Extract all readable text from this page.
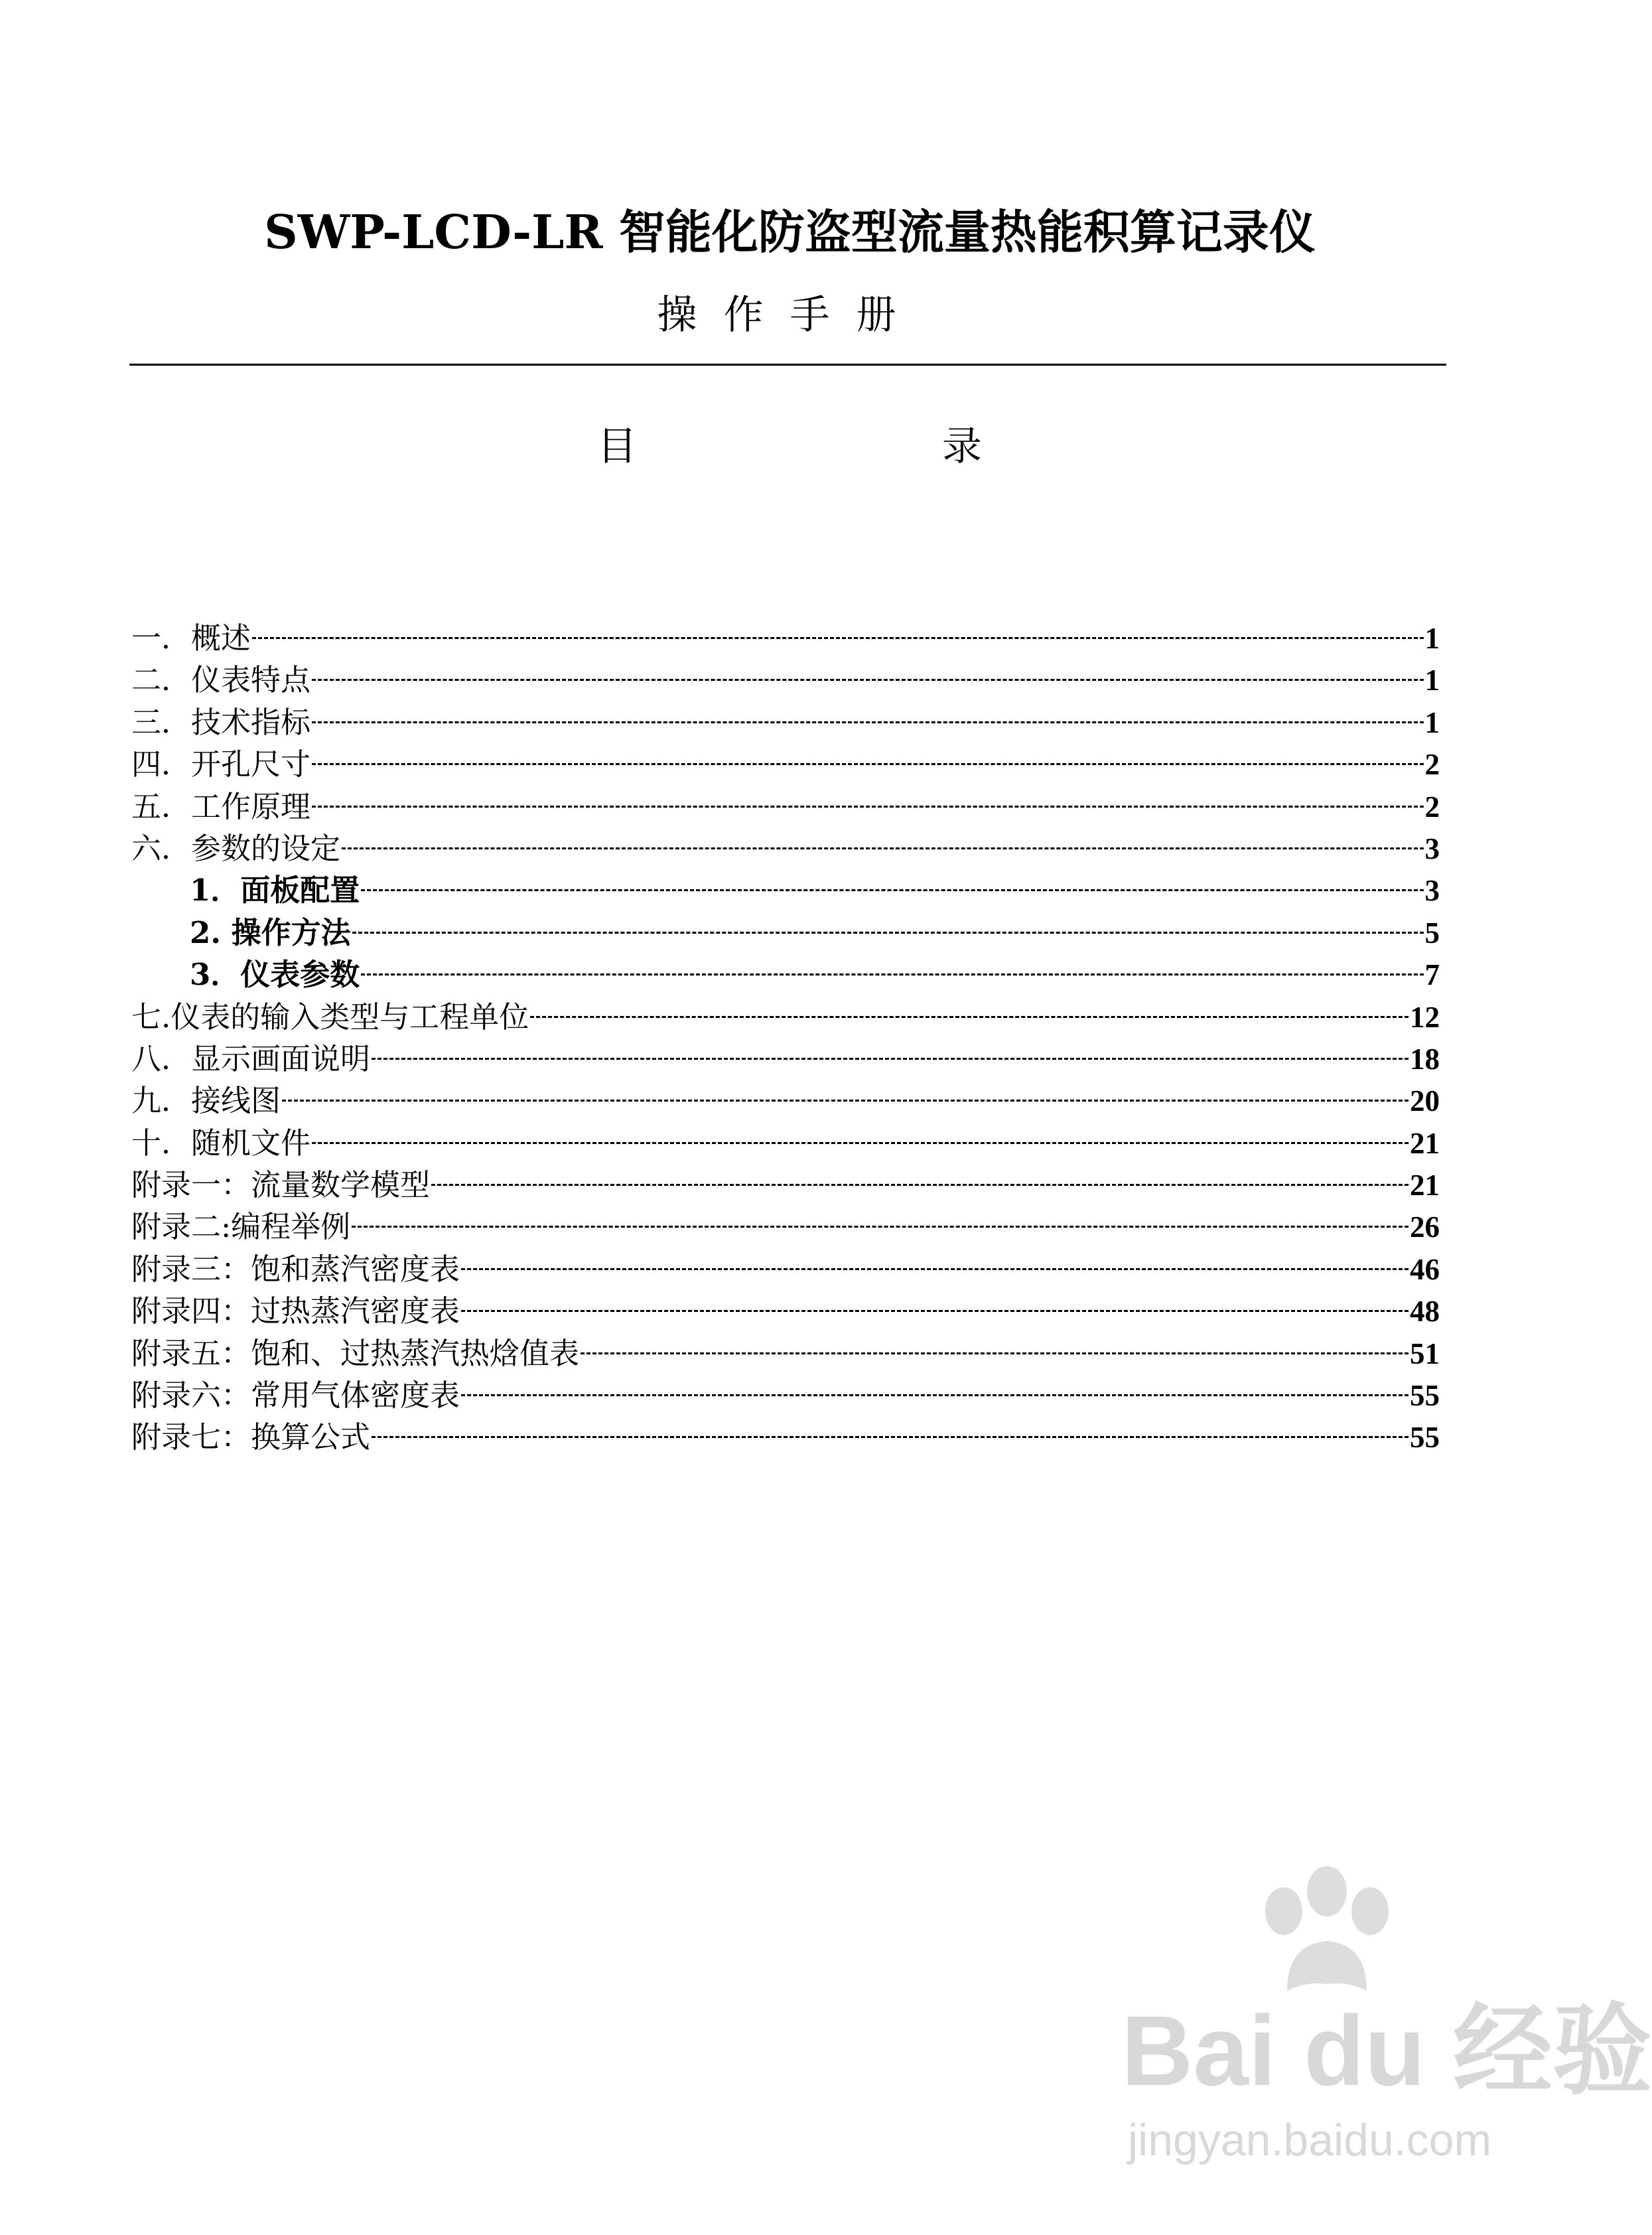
SWP-LCD-LR 智能化防盗型流量热能积算记录仪
操作手册
目	录
一．概述	1
二．仪表特点	1
三．技术指标	1
四．开孔尺寸	2
五．工作原理	2
六．参数的设定	3
1．面板配置	3
2. 操作方法	5
3．仪表参数	7
七.仪表的输入类型与工程单位	12
八．显示画面说明	18
九．接线图	20
十．随机文件	21
附录一：流量数学模型	21
附录二:编程举例	26
附录三：饱和蒸汽密度表	46
附录四：过热蒸汽密度表	48
附录五：饱和、过热蒸汽热焓值表	51
附录六：常用气体密度表	55
附录七：换算公式	55
Bai du 经验
jingyan.baidu.com
